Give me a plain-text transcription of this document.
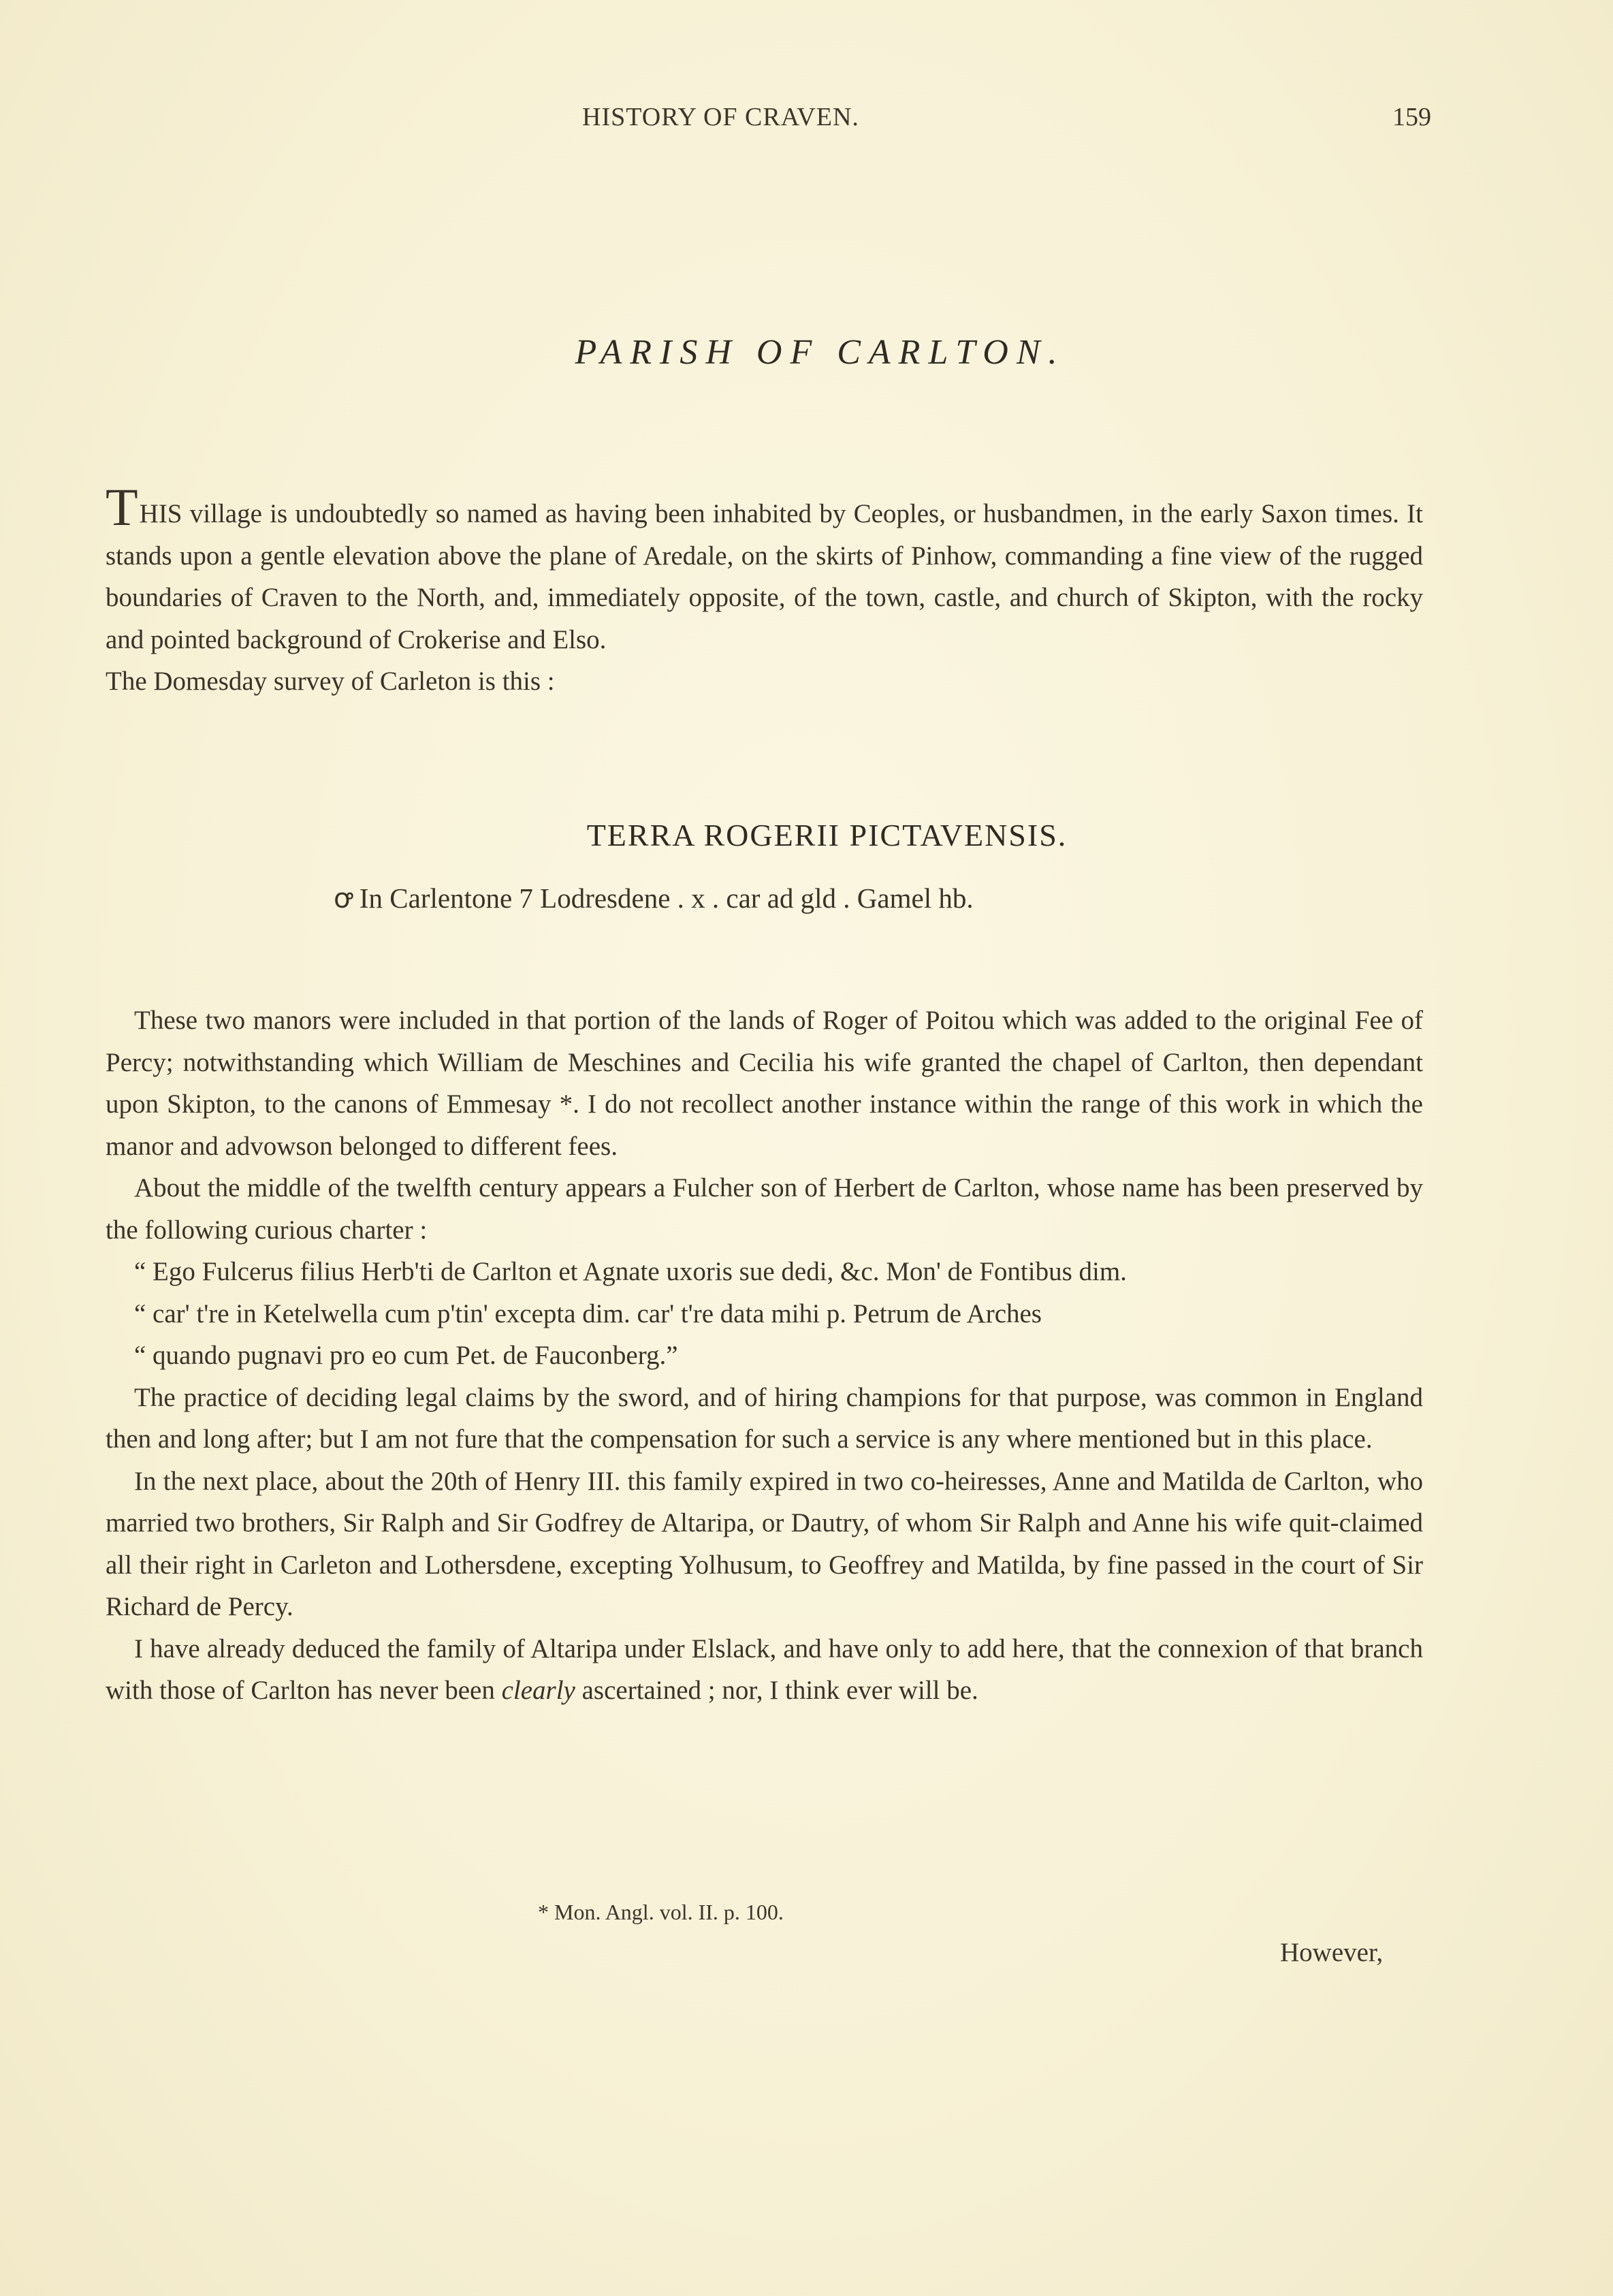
HISTORY OF CRAVEN.	159
PARISH OF CARLTON.

THIS village is undoubtedly so named as having been inhabited by Ceoples, or husbandmen, in the early Saxon times. It stands upon a gentle elevation above the plane of Aredale, on the skirts of Pinhow, commanding a fine view of the rugged boundaries of Craven to the North, and, immediately opposite, of the town, castle, and church of Skipton, with the rocky and pointed background of Crokerise and Elso.

The Domesday survey of Carleton is this :

TERRA ROGERII PICTAVENSIS.
ꝍ In Carlentone 7 Lodresdene . x . car ad gld . Gamel hb.

These two manors were included in that portion of the lands of Roger of Poitou which was added to the original Fee of Percy; notwithstanding which William de Meschines and Cecilia his wife granted the chapel of Carlton, then dependant upon Skipton, to the canons of Emmesay *. I do not recollect another instance within the range of this work in which the manor and advowson belonged to different fees.

About the middle of the twelfth century appears a Fulcher son of Herbert de Carlton, whose name has been preserved by the following curious charter :

“ Ego Fulcerus filius Herb'ti de Carlton et Agnate uxoris sue dedi, &c. Mon' de Fontibus dim.

“ car' t're in Ketelwella cum p'tin' excepta dim. car' t're data mihi p. Petrum de Arches

“ quando pugnavi pro eo cum Pet. de Fauconberg.”

The practice of deciding legal claims by the sword, and of hiring champions for that purpose, was common in England then and long after; but I am not fure that the compensation for such a service is any where mentioned but in this place.

In the next place, about the 20th of Henry III. this family expired in two co-heiresses, Anne and Matilda de Carlton, who married two brothers, Sir Ralph and Sir Godfrey de Altaripa, or Dautry, of whom Sir Ralph and Anne his wife quit-claimed all their right in Carleton and Lothersdene, excepting Yolhusum, to Geoffrey and Matilda, by fine passed in the court of Sir Richard de Percy.

I have already deduced the family of Altaripa under Elslack, and have only to add here, that the connexion of that branch with those of Carlton has never been clearly ascertained ; nor, I think ever will be.

* Mon. Angl. vol. II. p. 100.
However,
